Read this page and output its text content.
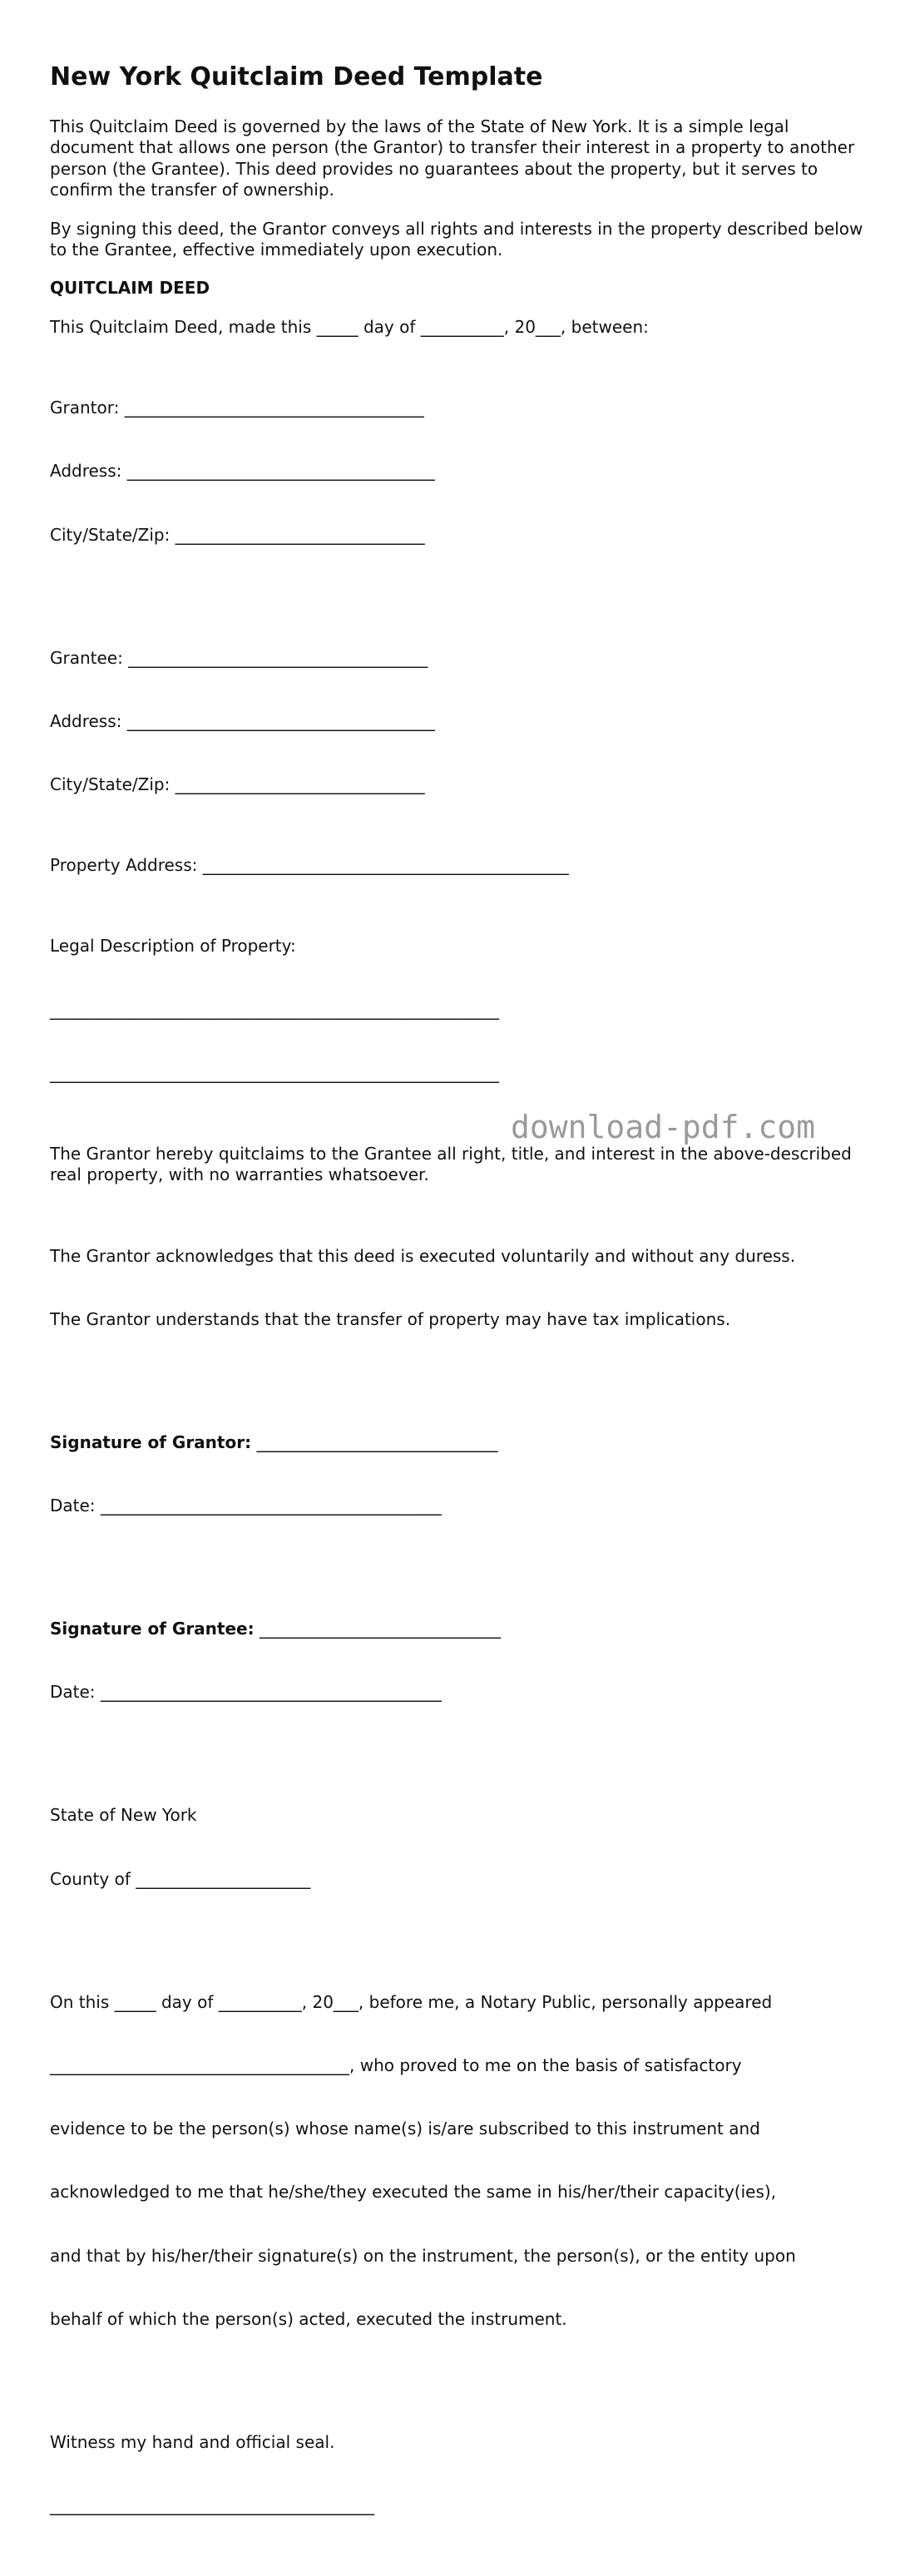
New York Quitclaim Deed Template

This Quitclaim Deed is governed by the laws of the State of New York. It is a simple legal document that allows one person (the Grantor) to transfer their interest in a property to another person (the Grantee). This deed provides no guarantees about the property, but it serves to confirm the transfer of ownership.

By signing this deed, the Grantor conveys all rights and interests in the property described below to the Grantee, effective immediately upon execution.

QUITCLAIM DEED

This Quitclaim Deed, made this _____ day of __________, 20___, between:

Grantor: ____________________________________

Address: _____________________________________

City/State/Zip: ______________________________

Grantee: ____________________________________

Address: _____________________________________

City/State/Zip: ______________________________

Property Address: ____________________________________________

Legal Description of Property:

______________________________________________________

______________________________________________________

The Grantor hereby quitclaims to the Grantee all right, title, and interest in the above-described real property, with no warranties whatsoever.

The Grantor acknowledges that this deed is executed voluntarily and without any duress.

The Grantor understands that the transfer of property may have tax implications.

Signature of Grantor: _____________________________

Date: _________________________________________

Signature of Grantee: _____________________________

Date: _________________________________________

State of New York

County of _____________________

On this _____ day of __________, 20___, before me, a Notary Public, personally appeared

____________________________________, who proved to me on the basis of satisfactory

evidence to be the person(s) whose name(s) is/are subscribed to this instrument and

acknowledged to me that he/she/they executed the same in his/her/their capacity(ies),

and that by his/her/their signature(s) on the instrument, the person(s), or the entity upon

behalf of which the person(s) acted, executed the instrument.

Witness my hand and official seal.

_______________________________________

download-pdf.com
